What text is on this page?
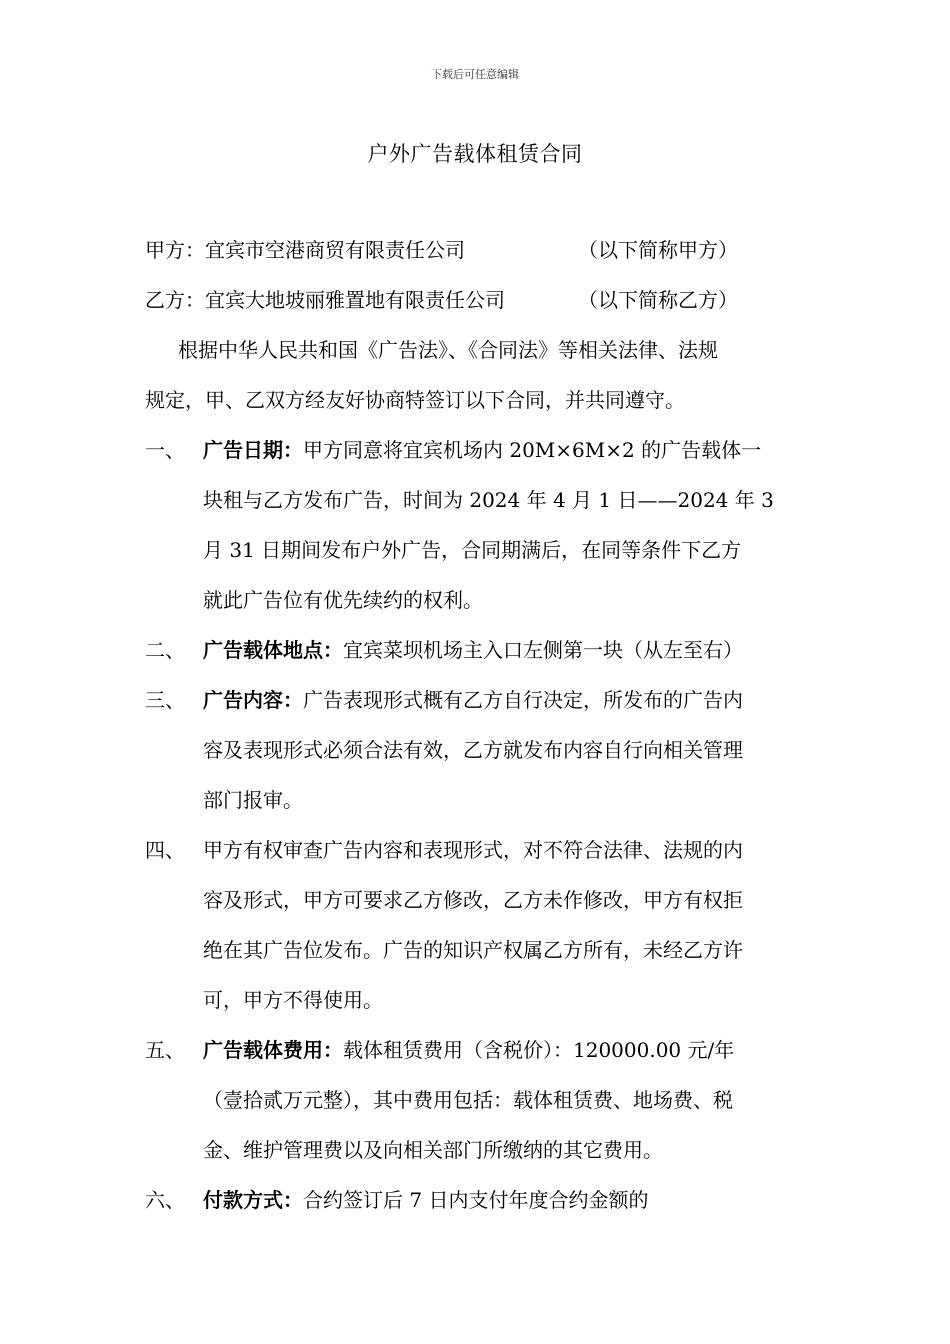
下载后可任意编辑
户外广告载体租赁合同
甲方：宜宾市空港商贸有限责任公司	（以下简称甲方）
乙方：宜宾大地坡丽雅置地有限责任公司	（以下简称乙方）
根据中华人民共和国《广告法》、《合同法》等相关法律、法规
规定，甲、乙双方经友好协商特签订以下合同，并共同遵守。
一、 广告日期：甲方同意将宜宾机场内 20M×6M×2 的广告载体一
块租与乙方发布广告，时间为 2024 年 4 月 1 日——2024 年 3
月 31 日期间发布户外广告，合同期满后，在同等条件下乙方
就此广告位有优先续约的权利。
二、 广告载体地点：宜宾菜坝机场主入口左侧第一块（从左至右）
三、 广告内容：广告表现形式概有乙方自行决定，所发布的广告内
容及表现形式必须合法有效，乙方就发布内容自行向相关管理
部门报审。
四、 甲方有权审查广告内容和表现形式，对不符合法律、法规的内
容及形式，甲方可要求乙方修改，乙方未作修改，甲方有权拒
绝在其广告位发布。广告的知识产权属乙方所有，未经乙方许
可，甲方不得使用。
五、 广告载体费用：载体租赁费用（含税价）：120000.00 元/年
（壹拾贰万元整），其中费用包括：载体租赁费、地场费、税
金、维护管理费以及向相关部门所缴纳的其它费用。
六、 付款方式：合约签订后 7 日内支付年度合约金额的
